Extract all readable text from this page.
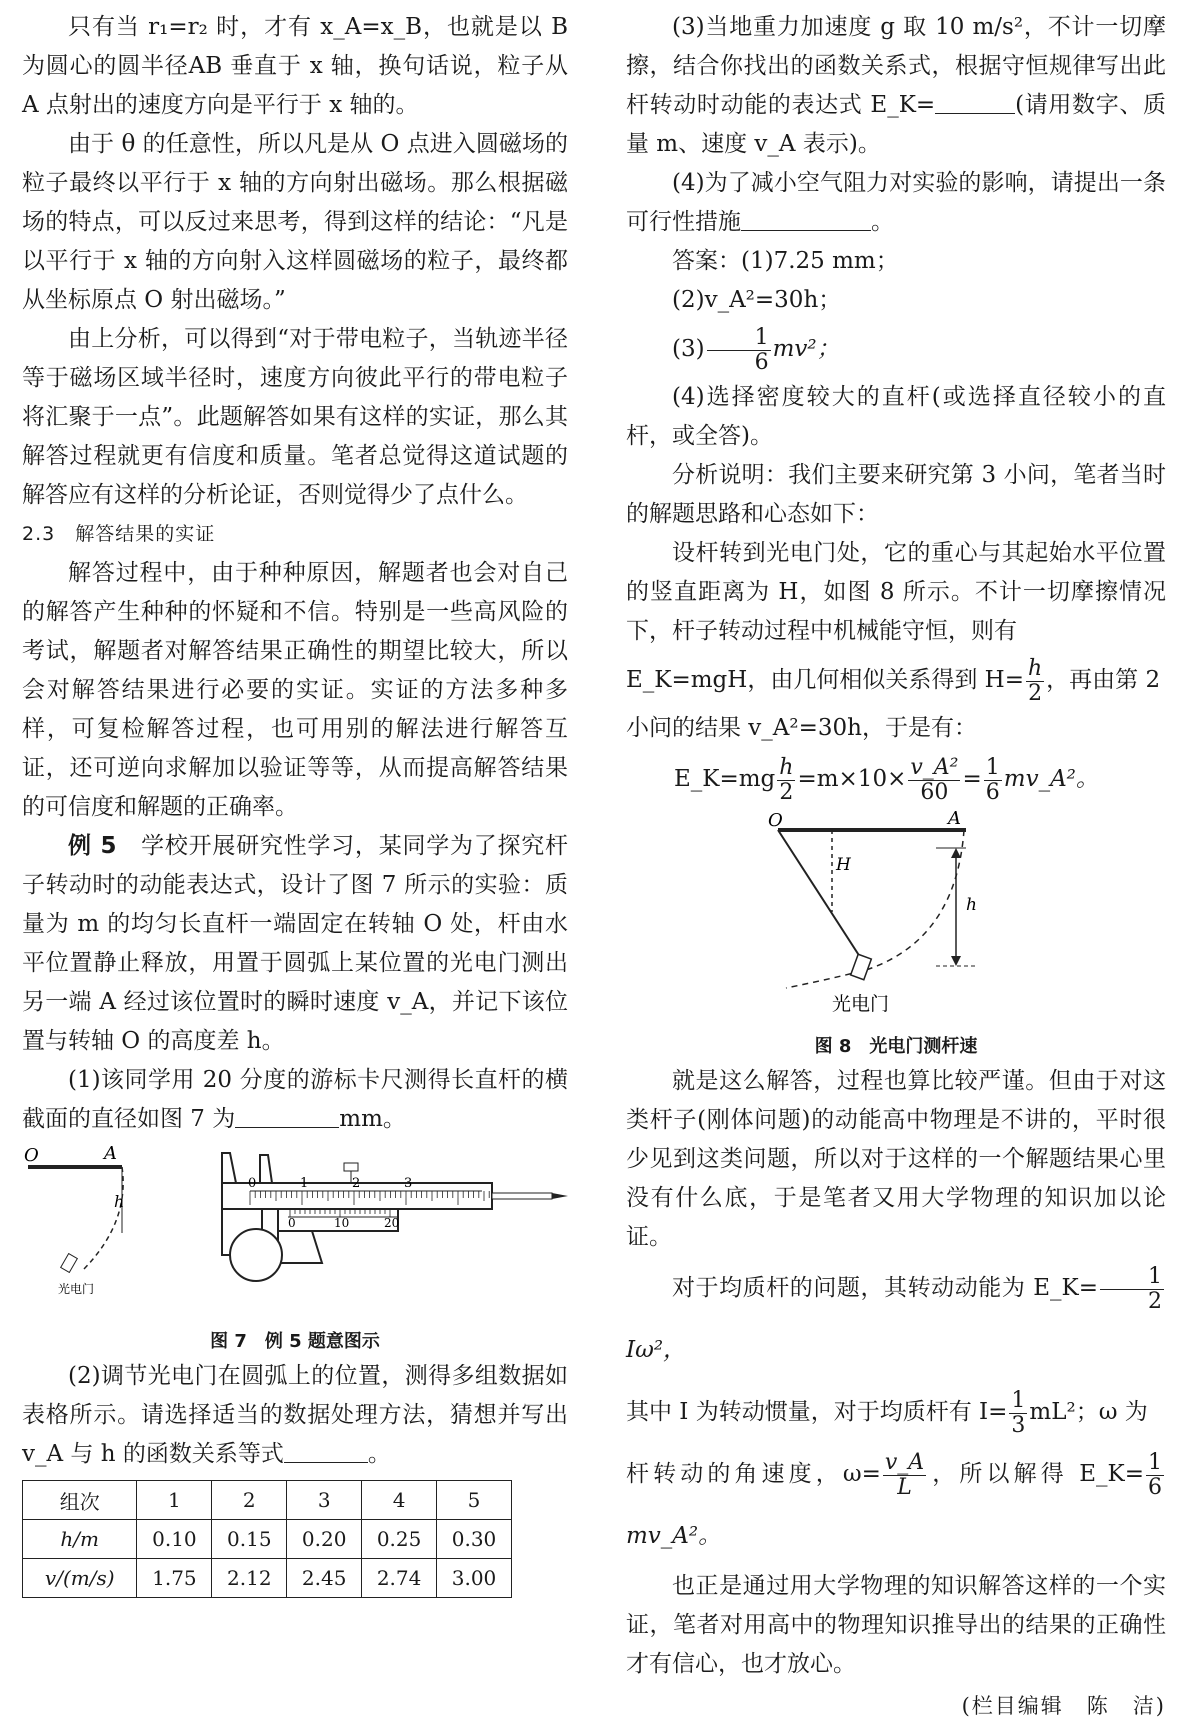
只有当 r₁=r₂ 时，才有 x_A=x_B，也就是以 B 为圆心的圆半径AB 垂直于 x 轴，换句话说，粒子从 A 点射出的速度方向是平行于 x 轴的。

由于 θ 的任意性，所以凡是从 O 点进入圆磁场的粒子最终以平行于 x 轴的方向射出磁场。那么根据磁场的特点，可以反过来思考，得到这样的结论：“凡是以平行于 x 轴的方向射入这样圆磁场的粒子，最终都从坐标原点 O 射出磁场。”

由上分析，可以得到“对于带电粒子，当轨迹半径等于磁场区域半径时，速度方向彼此平行的带电粒子将汇聚于一点”。此题解答如果有这样的实证，那么其解答过程就更有信度和质量。笔者总觉得这道试题的解答应有这样的分析论证，否则觉得少了点什么。

2.3　解答结果的实证

解答过程中，由于种种原因，解题者也会对自己的解答产生种种的怀疑和不信。特别是一些高风险的考试，解题者对解答结果正确性的期望比较大，所以会对解答结果进行必要的实证。实证的方法多种多样，可复检解答过程，也可用别的解法进行解答互证，还可逆向求解加以验证等等，从而提高解答结果的可信度和解题的正确率。

例 5　 学校开展研究性学习，某同学为了探究杆子转动时的动能表达式，设计了图 7 所示的实验：质量为 m 的均匀长直杆一端固定在转轴 O 处，杆由水平位置静止释放，用置于圆弧上某位置的光电门测出另一端 A 经过该位置时的瞬时速度 v_A，并记下该位置与转轴 O 的高度差 h。

(1)该同学用 20 分度的游标卡尺测得长直杆的横截面的直径如图 7 为	mm。

O	A
h
光电门
0	1	2	3
0	10	20
图 7　例 5 题意图示

(2)调节光电门在圆弧上的位置，测得多组数据如表格所示。请选择适当的数据处理方法，猜想并写出 v_A 与 h 的函数关系等式	。

组次	1	2	3	4	5
h/m	0.10	0.15	0.20	0.25	0.30
v/(m/s)	1.75	2.12	2.45	2.74	3.00

(3)当地重力加速度 g 取 10 m/s²，不计一切摩擦，结合你找出的函数关系式，根据守恒规律写出此杆转动时动能的表达式 E_K=	(请用数字、质量 m、速度 v_A 表示)。

(4)为了减小空气阻力对实验的影响，请提出一条可行性措施	。

答案：(1)7.25 mm；

(2)v_A²=30h；

$(3) \frac{1}{6} mv^2$；

(4)选择密度较大的直杆(或选择直径较小的直杆，或全答)。

分析说明：我们主要来研究第 3 小问，笔者当时的解题思路和心态如下：

设杆转到光电门处，它的重心与其起始水平位置的竖直距离为 H，如图 8 所示。不计一切摩擦情况下，杆子转动过程中机械能守恒，则有

E_K=mgH，由几何相似关系得到 $H= \frac{h}{2}$ ，再由第 2

小问的结果 v_A²=30h，于是有：

E_K=mg $\frac{h}{2} =m\times 10\times \frac{\text{v\_A²}}{60} = \frac{1}{6}$ mv_A²。

O	A
H
h
光电门
图 8　光电门测杆速

就是这么解答，过程也算比较严谨。但由于对这类杆子(刚体问题)的动能高中物理是不讲的，平时很少见到这类问题，所以对于这样的一个解题结果心里没有什么底，于是笔者又用大学物理的知识加以论证。

对于均质杆的问题，其转动动能为 E_K= $\frac{1}{2}$
Iω²，

其中 I 为转动惯量，对于均质杆有 $I= \frac{1}{3} mL^2$；ω 为

杆转动的角速度，$\omega= \frac{v\_A}{L}$ ，所以解得 E_K= $\frac{1}{6}$
mv_A²。

也正是通过用大学物理的知识解答这样的一个实证，笔者对用高中的物理知识推导出的结果的正确性才有信心，也才放心。

(栏目编辑　陈　洁)
